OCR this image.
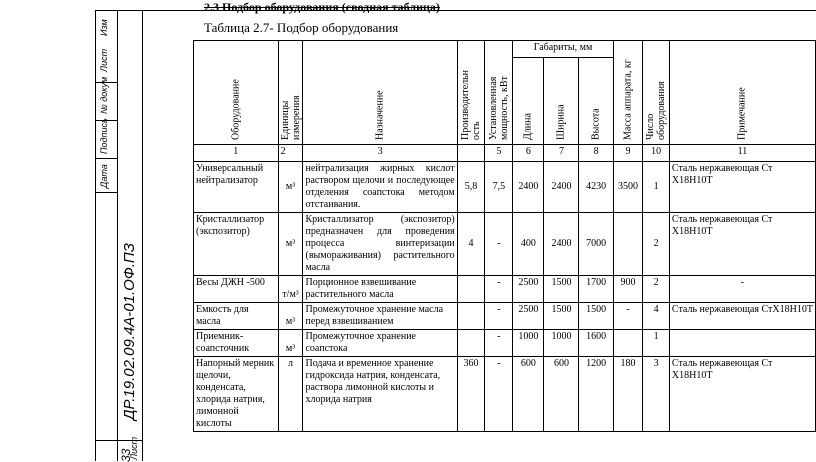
Изм
Лист
№ докум
Подпись
Дата
ДР.19.02.09.4А-01.ОФ.ПЗ
Лист
33
2.3 Подбор оборудования (сводная таблица)
Таблица 2.7- Подбор оборудования
Оборудование	Единицы измерения	Назначение	Производительн ость	Установленная мощность, кВт	Габариты, мм			Масса аппарата, кг	Число оборудования	Примечание

					Длина	Ширина	Высота			

1	2	3		5	6	7	8	9	10	11
Универсальный нейтрализатор	м³	нейтрализация жирных кислот раствором щелочи и последующее отделения соапстока методом отстаивания.	5,8	7,5	2400	2400	4230	3500	1	Сталь нержавеющая Ст Х18Н10Т
Кристаллизатор (экспозитор)	м³	Кристаллизатор (экспозитор) предназначен для проведения процесса винтеризации (вымораживания) растительного масла	4	-	400	2400	7000		2	Сталь нержавеющая Ст Х18Н10Т
Весы ДЖН -500	т/м³	Порционное взвешивание растительного масла		-	2500	1500	1700	900	2	-
Емкость для масла	м³	Промежуточное хранение масла перед взвешиванием		-	2500	1500	1500	-	4	Сталь нержавеющая СтХ18Н10Т
Приемник-соапсточник	м³	Промежуточное хранение соапстока		-	1000	1000	1600		1	
Напорный мерник щелочи, конденсата, хлорида натрия, лимонной кислоты	л	Подача и временное хранение гидроксида натрия, конденсата, раствора лимонной кислоты и хлорида натрия	360	-	600	600	1200	180	3	Сталь нержавеющая Ст Х18Н10Т
